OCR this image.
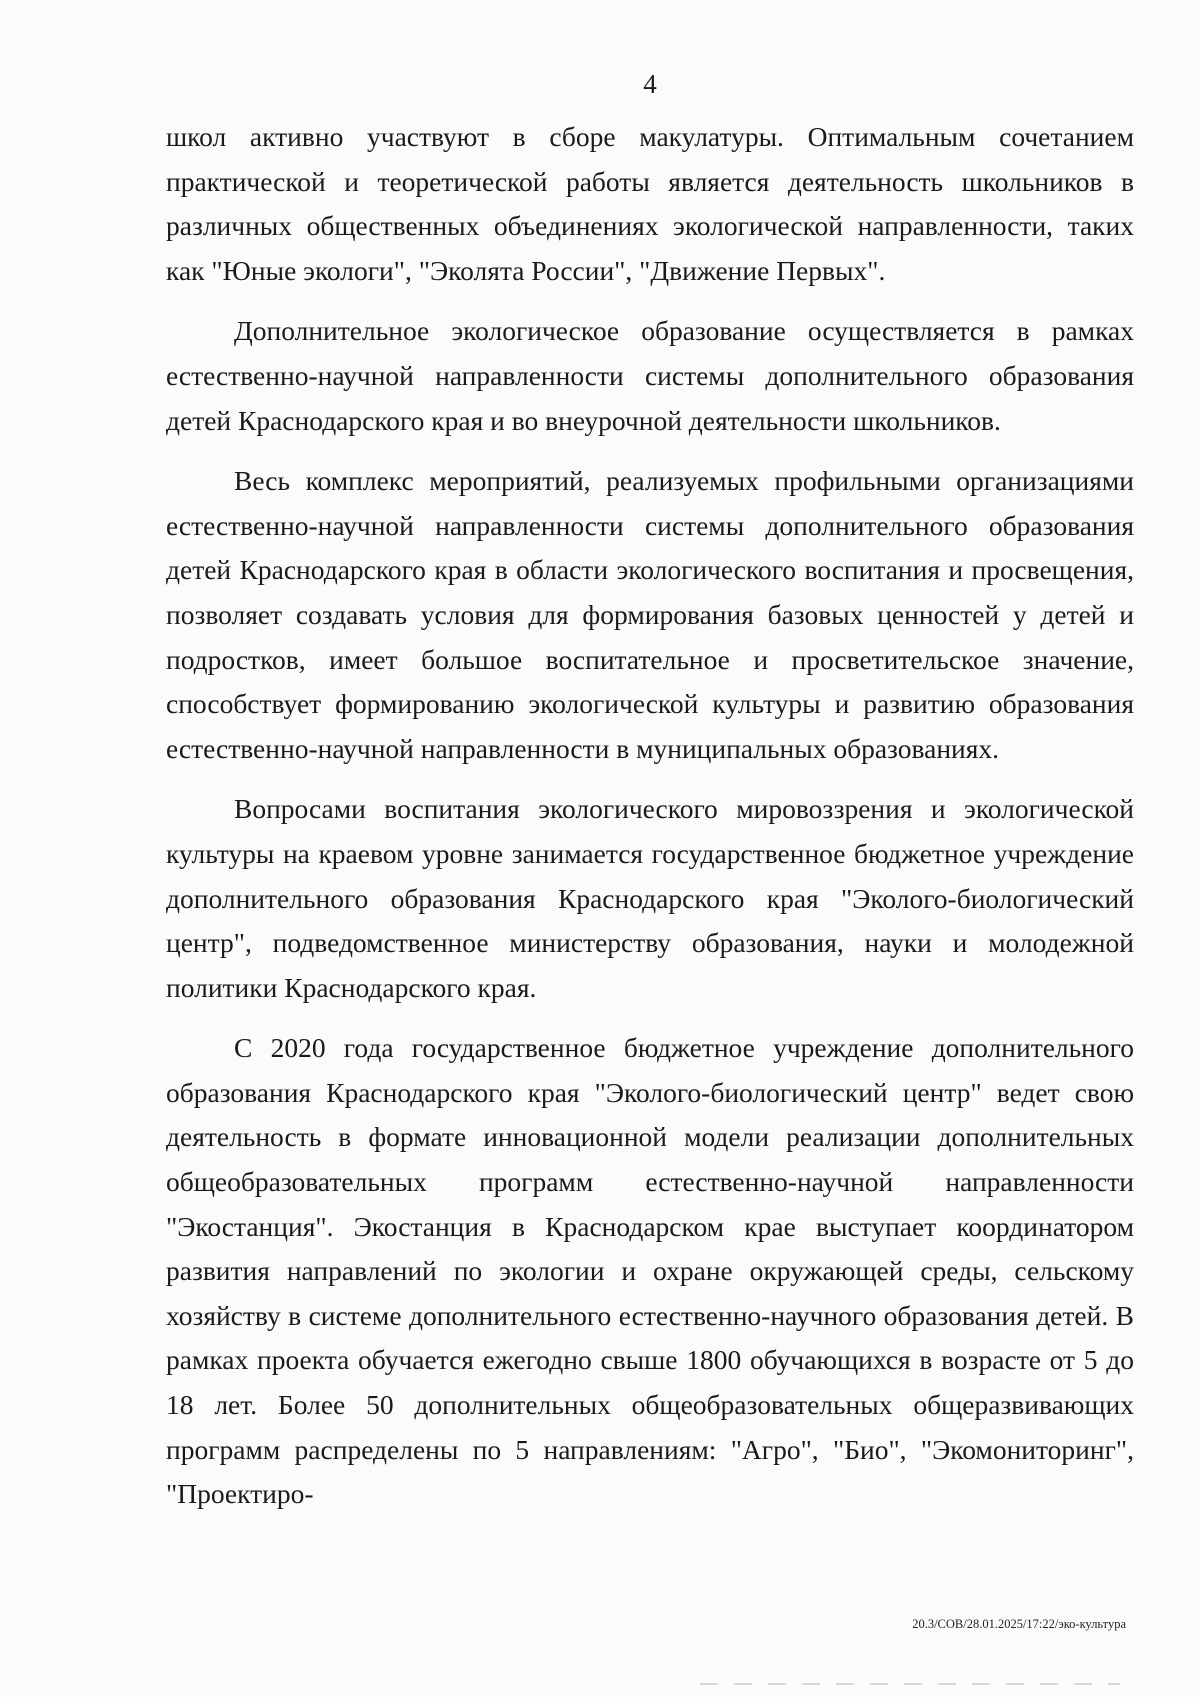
4

школ активно участвуют в сборе макулатуры. Оптимальным сочетанием практической и теоретической работы является деятельность школьников в различных общественных объединениях экологической направленности, таких как "Юные экологи", "Эколята России", "Движение Первых".

Дополнительное экологическое образование осуществляется в рамках естественно-научной направленности системы дополнительного образования детей Краснодарского края и во внеурочной деятельности школьников.

Весь комплекс мероприятий, реализуемых профильными организациями естественно-научной направленности системы дополнительного образования детей Краснодарского края в области экологического воспитания и просвещения, позволяет создавать условия для формирования базовых ценностей у детей и подростков, имеет большое воспитательное и просветительское значение, способствует формированию экологической культуры и развитию образования естественно-научной направленности в муниципальных образованиях.

Вопросами воспитания экологического мировоззрения и экологической культуры на краевом уровне занимается государственное бюджетное учреждение дополнительного образования Краснодарского края "Эколого-биологический центр", подведомственное министерству образования, науки и молодежной политики Краснодарского края.

С 2020 года государственное бюджетное учреждение дополнительного образования Краснодарского края "Эколого-биологический центр" ведет свою деятельность в формате инновационной модели реализации дополнительных общеобразовательных программ естественно-научной направленности "Экостанция". Экостанция в Краснодарском крае выступает координатором развития направлений по экологии и охране окружающей среды, сельскому хозяйству в системе дополнительного естественно-научного образования детей. В рамках проекта обучается ежегодно свыше 1800 обучающихся в возрасте от 5 до 18 лет. Более 50 дополнительных общеобразовательных общеразвивающих программ распределены по 5 направлениям: "Агро", "Био", "Экомониторинг", "Проектиро-

20.3/СОВ/28.01.2025/17:22/эко-культура
